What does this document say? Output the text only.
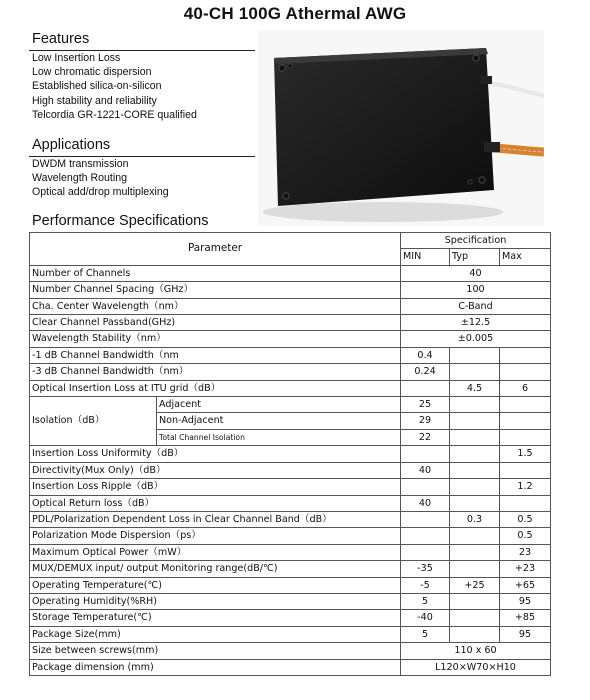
40-CH 100G Athermal AWG
Features
Low Insertion Loss
Low chromatic dispersion
Established silica-on-silicon
High stability and reliability
Telcordia GR-1221-CORE qualified
Applications
DWDM transmission
Wavelength Routing
Optical add/drop multiplexing
Performance Specifications
Parameter		Specification		
		MIN	Typ	Max
Number of Channels		40		
Number Channel Spacing（GHz）		100		
Cha. Center Wavelength（nm）		C-Band		
Clear Channel Passband(GHz)		±12.5		
Wavelength Stability（nm）		±0.005		
-1 dB Channel Bandwidth（nm		0.4		
-3 dB Channel Bandwidth（nm）		0.24		
Optical Insertion Loss at ITU grid（dB）			4.5	6
Isolation（dB）	Adjacent	25		
	Non-Adjacent	29		
	Total Channel Isolation	22		
Insertion Loss Uniformity（dB）				1.5
Directivity(Mux Only)（dB）		40		
Insertion Loss Ripple（dB）				1.2
Optical Return loss（dB）		40		
PDL/Polarization Dependent Loss in Clear Channel Band（dB）			0.3	0.5
Polarization Mode Dispersion（ps）				0.5
Maximum Optical Power（mW）				23
MUX/DEMUX input/ output Monitoring range(dB/℃)		-35		+23
Operating Temperature(℃)		-5	+25	+65
Operating Humidity(%RH)		5		95
Storage Temperature(℃)		-40		+85
Package Size(mm)		5		95
Size between screws(mm)		110 x 60		
Package dimension (mm)		L120×W70×H10		
